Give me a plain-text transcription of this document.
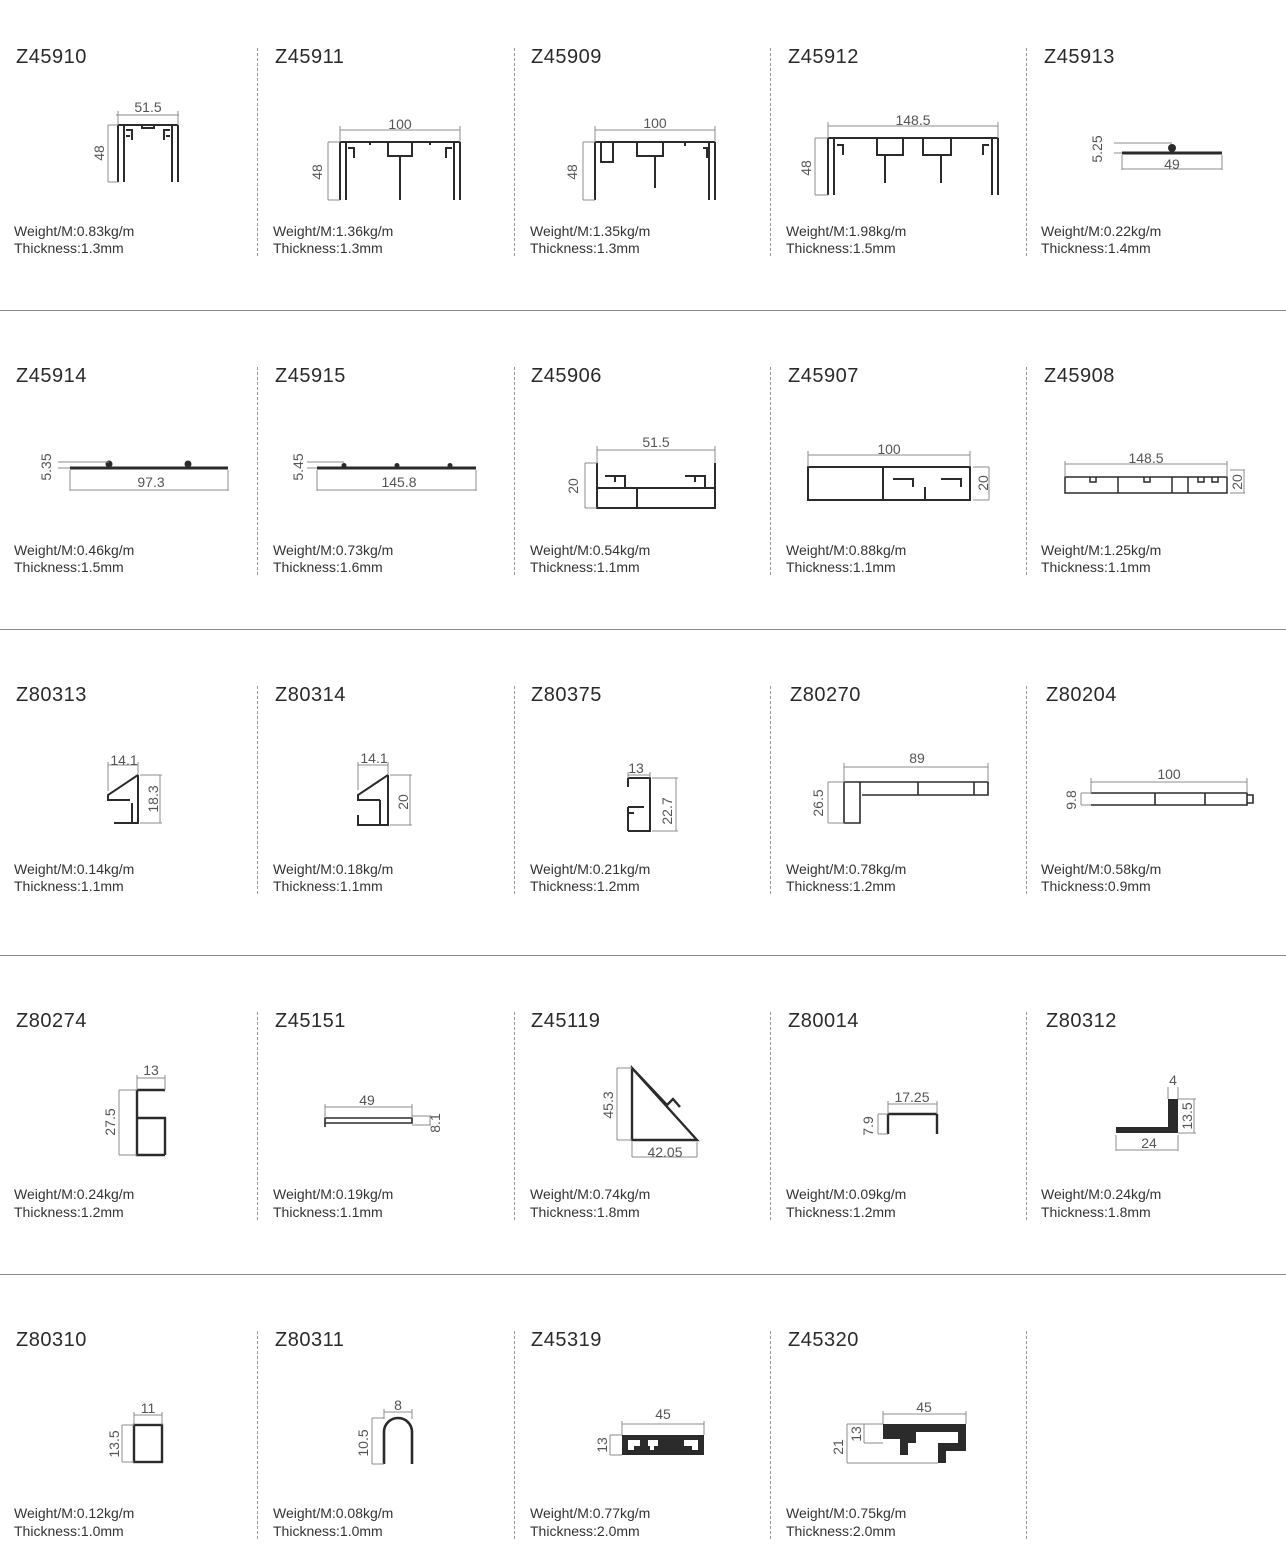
Z45910
51.5
48
Weight/M:0.83kg/m
Thickness:1.3mm
Z45911
100
48
Weight/M:1.36kg/m
Thickness:1.3mm
Z45909
100
48
Weight/M:1.35kg/m
Thickness:1.3mm
Z45912
148.5
48
Weight/M:1.98kg/m
Thickness:1.5mm
Z45913
5.25
49
Weight/M:0.22kg/m
Thickness:1.4mm
Z45914
5.35
97.3
Weight/M:0.46kg/m
Thickness:1.5mm
Z45915
5.45
145.8
Weight/M:0.73kg/m
Thickness:1.6mm
Z45906
51.5
20
Weight/M:0.54kg/m
Thickness:1.1mm
Z45907
100
20
Weight/M:0.88kg/m
Thickness:1.1mm
Z45908
148.5
20
Weight/M:1.25kg/m
Thickness:1.1mm
Z80313
14.1
18.3
Weight/M:0.14kg/m
Thickness:1.1mm
Z80314
14.1
20
Weight/M:0.18kg/m
Thickness:1.1mm
Z80375
13
22.7
Weight/M:0.21kg/m
Thickness:1.2mm
Z80270
89
26.5
Weight/M:0.78kg/m
Thickness:1.2mm
Z80204
100
9.8
Weight/M:0.58kg/m
Thickness:0.9mm
Z80274
13
27.5
Weight/M:0.24kg/m
Thickness:1.2mm
Z45151
49
8.1
Weight/M:0.19kg/m
Thickness:1.1mm
Z45119
45.3
42.05
Weight/M:0.74kg/m
Thickness:1.8mm
Z80014
17.25
7.9
Weight/M:0.09kg/m
Thickness:1.2mm
Z80312
4
13.5
24
Weight/M:0.24kg/m
Thickness:1.8mm
Z80310
11
13.5
Weight/M:0.12kg/m
Thickness:1.0mm
Z80311
8
10.5
Weight/M:0.08kg/m
Thickness:1.0mm
Z45319
45
13
Weight/M:0.77kg/m
Thickness:2.0mm
Z45320
45
13
21
Weight/M:0.75kg/m
Thickness:2.0mm
